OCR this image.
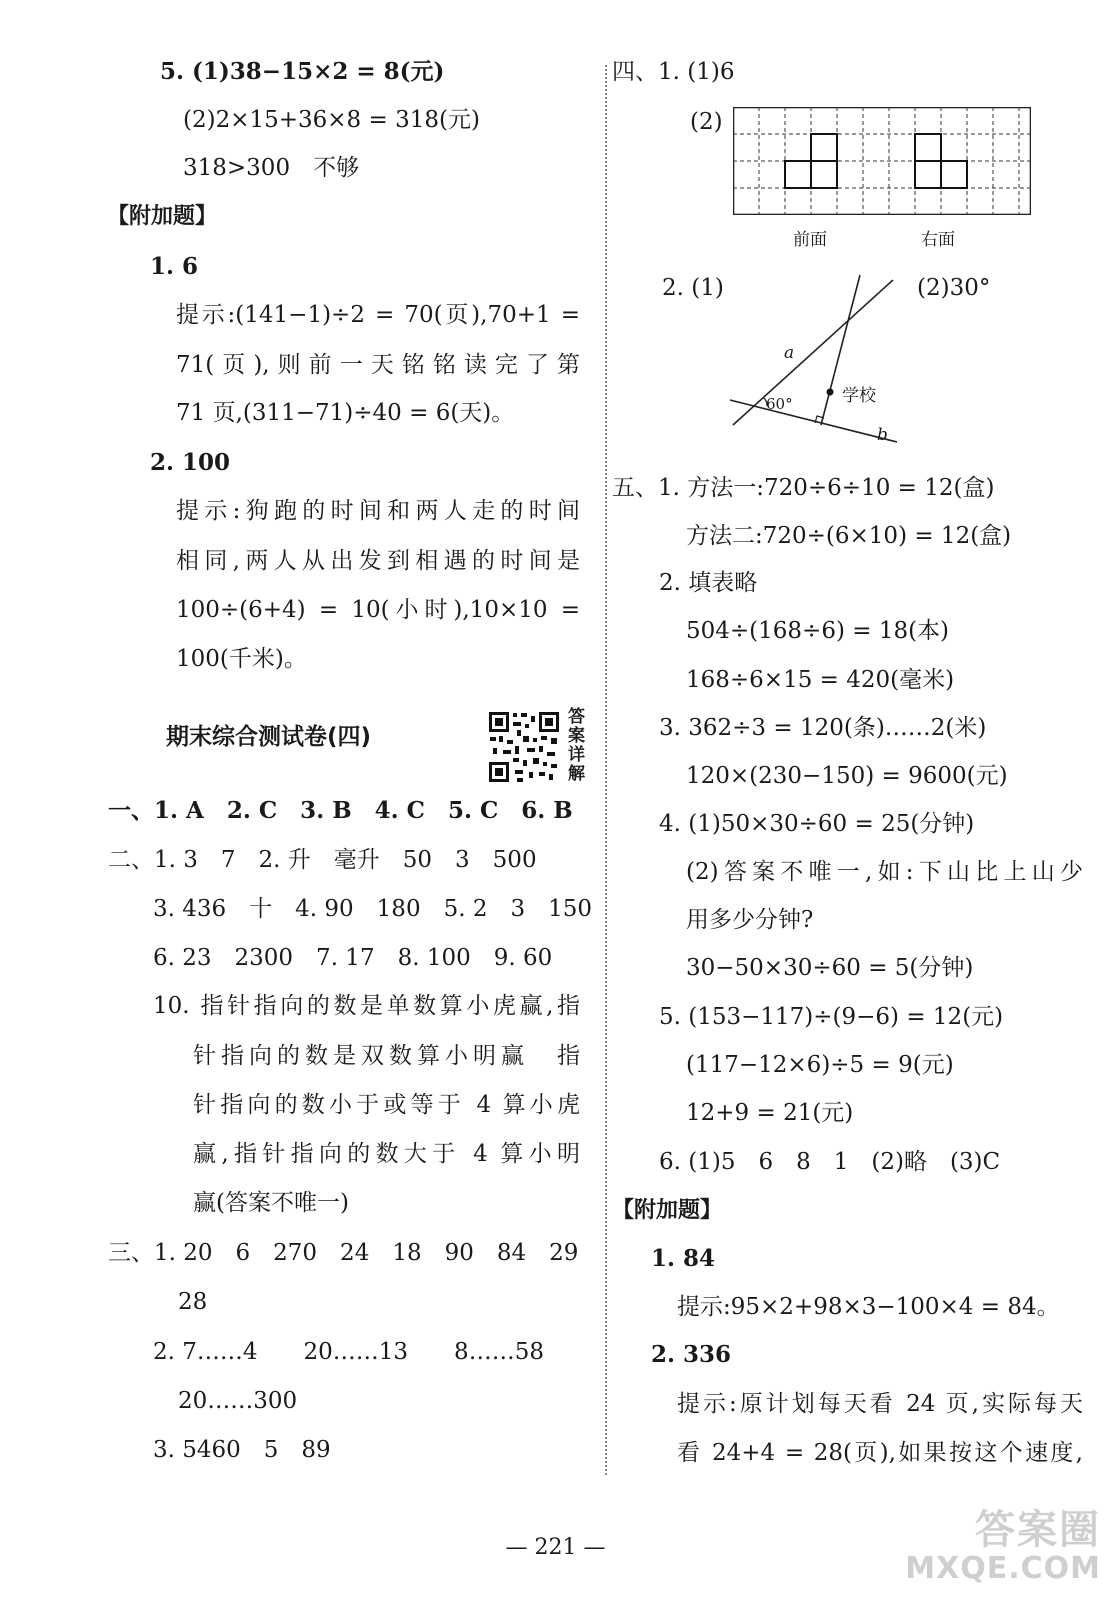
5. (1)38−15×2 = 8(元)
(2)2×15+36×8 = 318(元)
318>300　不够
【附加题】
1. 6
提示:(141−1)÷2 = 70(页),70+1 =
71(页),则前一天铭铭读完了第
71 页,(311−71)÷40 = 6(天)。
2. 100
提示:狗跑的时间和两人走的时间
相同,两人从出发到相遇的时间是
100÷(6+4) = 10(小时),10×10 =
100(千米)。
期末综合测试卷(四)
答案详解
一、1. A　2. C　3. B　4. C　5. C　6. B
二、1. 3　7　2. 升　毫升　50　3　500
3. 436　十　4. 90　180　5. 2　3　150
6. 23　2300　7. 17　8. 100　9. 60
10. 指针指向的数是单数算小虎赢,指
针指向的数是双数算小明赢　指
针指向的数小于或等于 4 算小虎
赢,指针指向的数大于 4 算小明
赢(答案不唯一)
三、1. 20　6　270　24　18　90　84　29
28
2. 7……4　　20……13　　8……58
20……300
3. 5460　5　89
四、1. (1)6
(2)
前面	右面
2. (1)	(2)30°
a
b
60°	学校
五、1. 方法一:720÷6÷10 = 12(盒)
方法二:720÷(6×10) = 12(盒)
2. 填表略
504÷(168÷6) = 18(本)
168÷6×15 = 420(毫米)
3. 362÷3 = 120(条)……2(米)
120×(230−150) = 9600(元)
4. (1)50×30÷60 = 25(分钟)
(2)答案不唯一,如:下山比上山少
用多少分钟?
30−50×30÷60 = 5(分钟)
5. (153−117)÷(9−6) = 12(元)
(117−12×6)÷5 = 9(元)
12+9 = 21(元)
6. (1)5　6　8　1　(2)略　(3)C
【附加题】
1. 84
提示:95×2+98×3−100×4 = 84。
2. 336
提示:原计划每天看 24 页,实际每天
看 24+4 = 28(页),如果按这个速度,
— 221 —	答案圈
MXQE.COM
